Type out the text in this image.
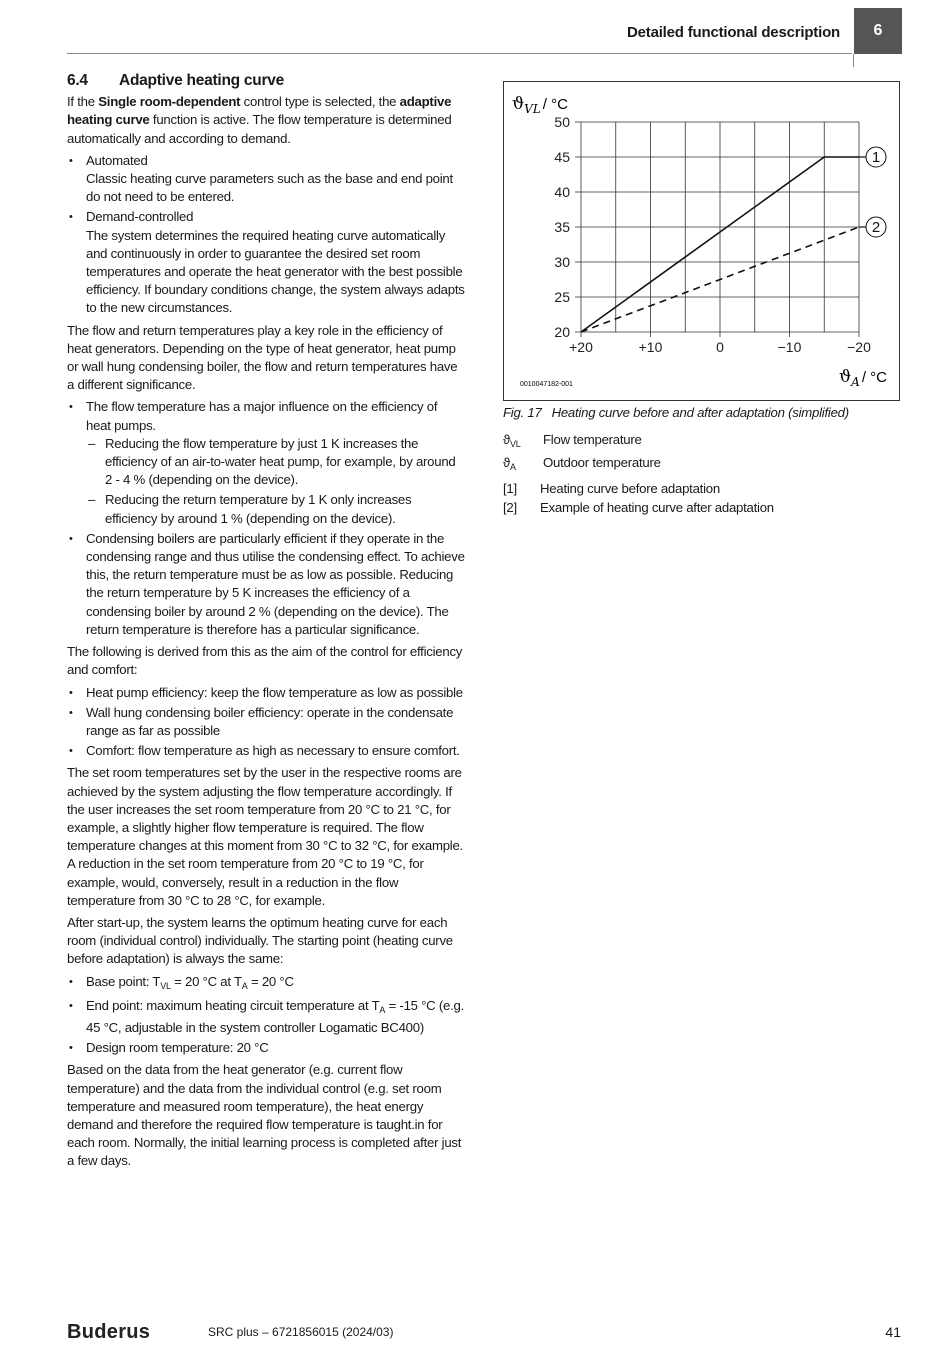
Detailed functional description	6
6.4	Adaptive heating curve

If the Single room-dependent control type is selected, the adaptive heating curve function is active. The flow temperature is determined automatically and according to demand.

• Automated
Classic heating curve parameters such as the base and end point do not need to be entered.
• Demand-controlled
The system determines the required heating curve automatically and continuously in order to guarantee the desired set room temperatures and operate the heat generator with the best possible efficiency. If boundary conditions change, the system always adapts to the new circumstances.

The flow and return temperatures play a key role in the efficiency of heat generators. Depending on the type of heat generator, heat pump or wall hung condensing boiler, the flow and return temperatures have a different significance.

• The flow temperature has a major influence on the efficiency of heat pumps.
– Reducing the flow temperature by just 1 K increases the efficiency of an air-to-water heat pump, for example, by around 2 - 4 % (depending on the device).
– Reducing the return temperature by 1 K only increases efficiency by around 1 % (depending on the device).
• Condensing boilers are particularly efficient if they operate in the condensing range and thus utilise the condensing effect. To achieve this, the return temperature must be as low as possible. Reducing the return temperature by 5 K increases the efficiency of a condensing boiler by around 2 % (depending on the device). The return temperature is therefore has a particular significance.

The following is derived from this as the aim of the control for efficiency and comfort:

• Heat pump efficiency: keep the flow temperature as low as possible
• Wall hung condensing boiler efficiency: operate in the condensate range as far as possible
• Comfort: flow temperature as high as necessary to ensure comfort.

The set room temperatures set by the user in the respective rooms are achieved by the system adjusting the flow temperature accordingly. If the user increases the set room temperature from 20 °C to 21 °C, for example, a slightly higher flow temperature is required. The flow temperature changes at this moment from 30 °C to 32 °C, for example. A reduction in the set room temperature from 20 °C to 19 °C, for example, would, conversely, result in a reduction in the flow temperature from 30 °C to 28 °C, for example.

After start-up, the system learns the optimum heating curve for each room (individual control) individually. The starting point (heating curve before adaptation) is always the same:

• Base point: $T_{VL} = 20$ °C at $T_A = 20$ °C
• End point: maximum heating circuit temperature at $T_A = -15$ °C (e.g. 45 °C, adjustable in the system controller Logamatic BC400)
• Design room temperature: 20 °C

Based on the data from the heat generator (e.g. current flow temperature) and the data from the individual control (e.g. set room temperature and measured room temperature), the heat energy demand and therefore the required flow temperature is taught.in for each room. Normally, the initial learning process is completed after just a few days.

20
25
30
35
40
45
50
+20	+10	0	−10	−20
1
2
$ϑ_{VL} / ^\circ C$
$ϑ_A / ^\circ C$
0010047182-001
Fig. 17 Heating curve before and after adaptation (simplified)
$ϑ_{VL}$	Flow temperature
$ϑ_A$	Outdoor temperature
[1]	Heating curve before adaptation
[2]	Example of heating curve after adaptation
Buderus	SRC plus – 6721856015 (2024/03)	41
